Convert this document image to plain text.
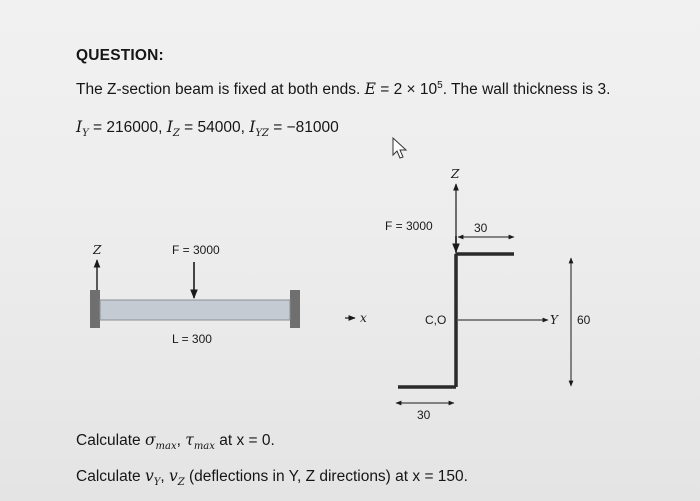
QUESTION:
The Z-section beam is fixed at both ends. $E = 2 \times 10^5$. The wall thickness is 3.
$I_Y = 216000$, $I_Z = 54000$, $I_{YZ} = -81000$
Z	F = 3000
L = 300
x
Z
F = 3000	30
Y
C,O	60
30
Calculate $\sigma_{max}$, $\tau_{max}$ at x = 0.
Calculate $v_Y$, $v_Z$ (deflections in Y, Z directions) at x = 150.
